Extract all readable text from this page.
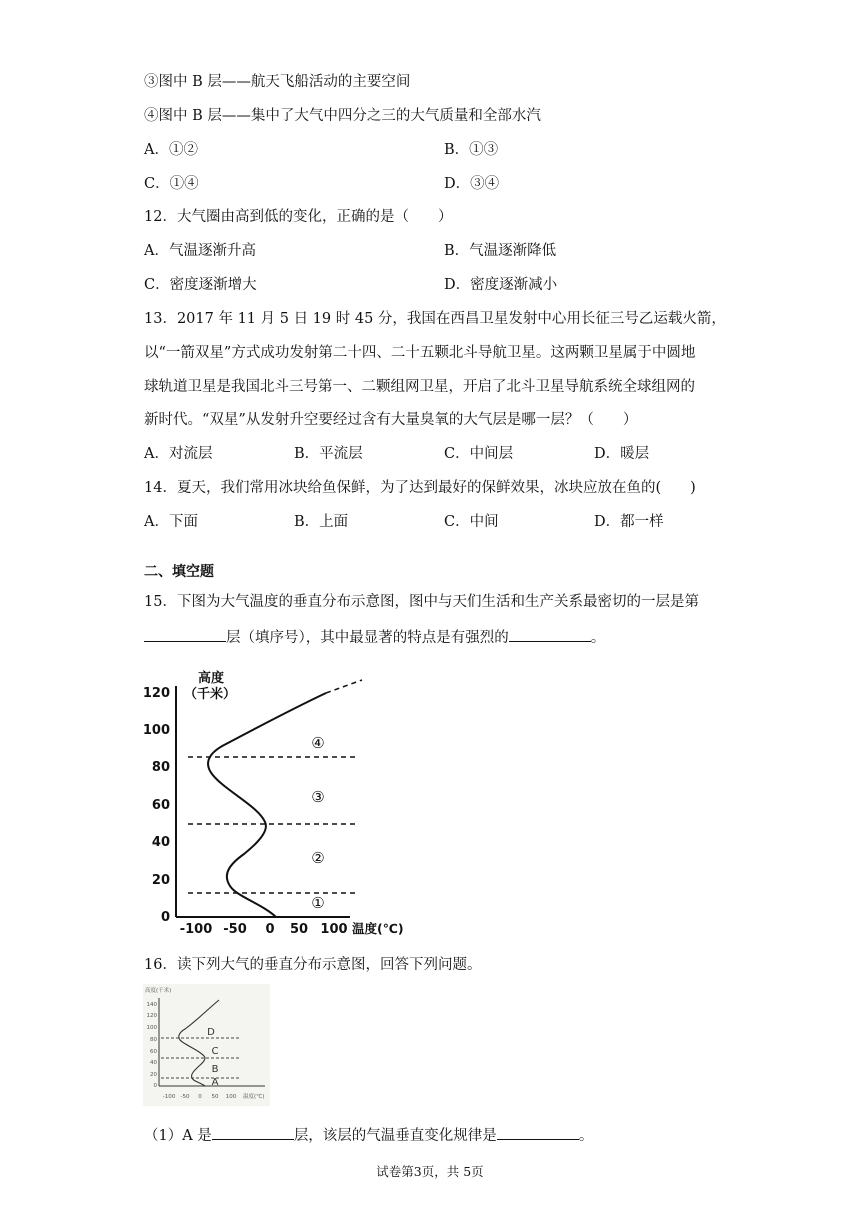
③图中 B 层——航天飞船活动的主要空间
④图中 B 层——集中了大气中四分之三的大气质量和全部水汽
A．①②	B．①③
C．①④	D．③④
12．大气圈由高到低的变化，正确的是（　　）
A．气温逐渐升高	B．气温逐渐降低
C．密度逐渐增大	D．密度逐渐减小
13．2017 年 11 月 5 日 19 时 45 分，我国在西昌卫星发射中心用长征三号乙运载火箭，
以“一箭双星”方式成功发射第二十四、二十五颗北斗导航卫星。这两颗卫星属于中圆地
球轨道卫星是我国北斗三号第一、二颗组网卫星，开启了北斗卫星导航系统全球组网的
新时代。“双星”从发射升空要经过含有大量臭氧的大气层是哪一层？（　　）
A．对流层	B．平流层	C．中间层	D．暖层
14．夏天，我们常用冰块给鱼保鲜，为了达到最好的保鲜效果，冰块应放在鱼的(　　)
A．下面	B．上面	C．中间	D．都一样
二、填空题
15．下图为大气温度的垂直分布示意图，图中与天们生活和生产关系最密切的一层是第
层（填序号），其中最显著的特点是有强烈的	。
高度
（千米）
120
100
80
60
40
20
0
-100 -50 0 50 100 温度(℃)
①
②
③
④
16．读下列大气的垂直分布示意图，回答下列问题。
高度(千米)
140
120
100
80
60
40
20
0
-100 -50 0 50 100 温度(℃)
A
B
C
D
（1）A 是	层，该层的气温垂直变化规律是	。
试卷第3页，共 5页
